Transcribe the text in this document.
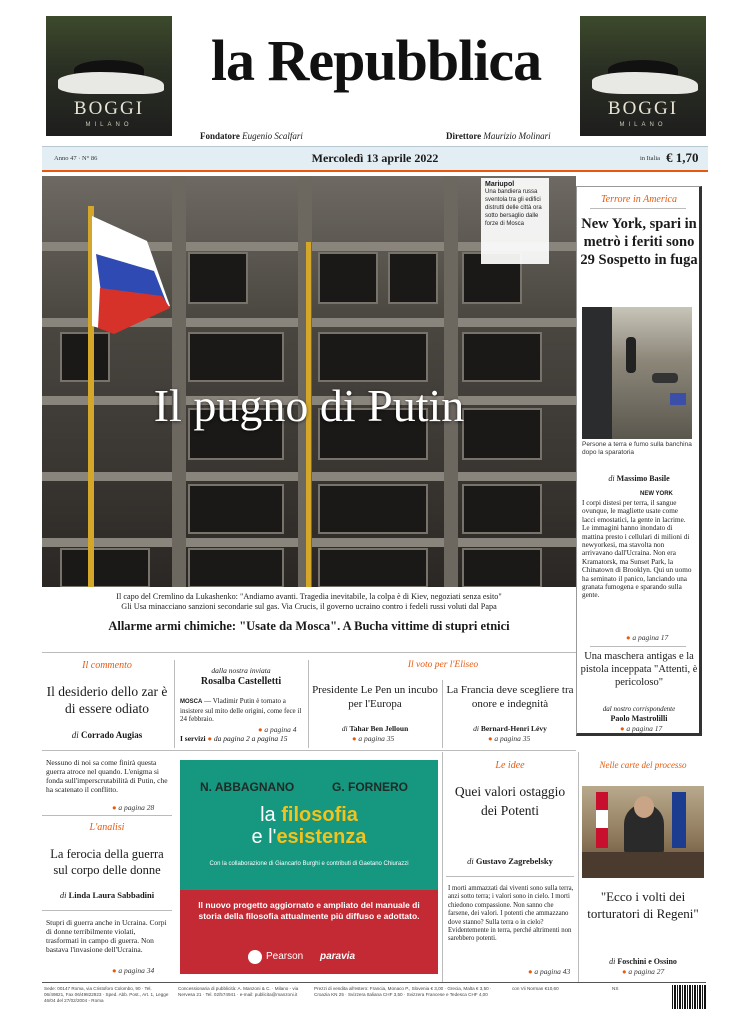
BOGGI
MILANO
BOGGI
MILANO
la Repubblica
Fondatore Eugenio Scalfari	Direttore Maurizio Molinari
Anno 47 · N° 86	Mercoledì 13 aprile 2022	in Italia € 1,70
Il pugno di Putin
Mariupol
Una bandiera russa sventola tra gli edifici distrutti delle città ora sotto bersaglio dalle forze di Mosca
Il capo del Cremlino da Lukashenko: "Andiamo avanti. Tragedia inevitabile, la colpa è di Kiev, negoziati senza esito"
Gli Usa minacciano sanzioni secondarie sul gas. Via Crucis, il governo ucraino contro i fedeli russi voluti dal Papa
Allarme armi chimiche: "Usate da Mosca". A Bucha vittime di stupri etnici
Terrore in America
New York, spari in metrò i feriti sono 29 Sospetto in fuga
Persone a terra e fumo sulla banchina dopo la sparatoria
di Massimo Basile
NEW YORK
I corpi distesi per terra, il sangue ovunque, le magliette usate come lacci emostatici, la gente in lacrime. Le immagini hanno inondato di mattina presto i cellulari di milioni di newyorkesi, ma stavolta non arrivavano dall'Ucraina. Non era Kramatorsk, ma Sunset Park, la Chinatown di Brooklyn. Qui un uomo ha seminato il panico, lanciando una granata fumogena e sparando sulla gente.
● a pagina 17
Una maschera antigas e la pistola inceppata "Attenti, è pericoloso"
dal nostro corrispondente
Paolo Mastrolilli
● a pagina 17
Il commento
Il desiderio dello zar è di essere odiato
di Corrado Augias
Nessuno di noi sa come finirà questa guerra atroce nel quando. L'enigma si fonda sull'imperscrutabilità di Putin, che ha scatenato il conflitto.
● a pagina 28
dalla nostra inviata
Rosalba Castelletti
MOSCA — Vladimir Putin è tornato a insistere sul mito delle origini, come fece il 24 febbraio.
● a pagina 4
I servizi ● da pagina 2 a pagina 15
Il voto per l'Eliseo
Presidente Le Pen un incubo per l'Europa
di Tahar Ben Jelloun
● a pagina 35
La Francia deve scegliere tra onore e indegnità
di Bernard-Henri Lévy
● a pagina 35
L'analisi
La ferocia della guerra sul corpo delle donne
di Linda Laura Sabbadini
Stupri di guerra anche in Ucraina. Corpi di donne terribilmente violati, trasformati in campo di guerra. Non bastava l'invasione dell'Ucraina.
● a pagina 34
N. ABBAGNANO	G. FORNERO
la filosofia
e l'esistenza
Con la collaborazione di Giancarlo Burghi e contributi di Gaetano Chiurazzi
Il nuovo progetto aggiornato e ampliato del manuale di storia della filosofia attualmente più diffuso e adottato.
Pearson paravia
Le idee
Quei valori ostaggio dei Potenti
di Gustavo Zagrebelsky
I morti ammazzati dai viventi sono sulla terra, anzi sotto terra; i valori sono in cielo. I morti chiedono compassione. Non sanno che farsene, dei valori. I potenti che ammazzano dove stanno? Sulla terra o in cielo? Evidentemente in terra, perché altrimenti non sarebbero potenti.
● a pagina 43
Nelle carte del processo
"Ecco i volti dei torturatori di Regeni"
di Foschini e Ossino
● a pagina 27
Sede: 00147 Roma, via Cristoforo Colombo, 90 · Tel. 06/49821, Fax 06/49822923 · Sped. Abb. Post., Art. 1, Legge 46/04 del 27/02/2004 - Roma
Concessionaria di pubblicità: A. Manzoni & C. · Milano - via Nervesa 21 · Tel. 02/574941 · e-mail: publicita@manzoni.it
Prezzi di vendita all'estero: Francia, Monaco P., Slovenia € 3,00 · Grecia, Malta € 3,50 · Croazia KN 25 · Svizzera Italiana CHF 3,50 · Svizzera Francese e Tedesca CHF 4,00
con Vii Norman €10,60	NS
